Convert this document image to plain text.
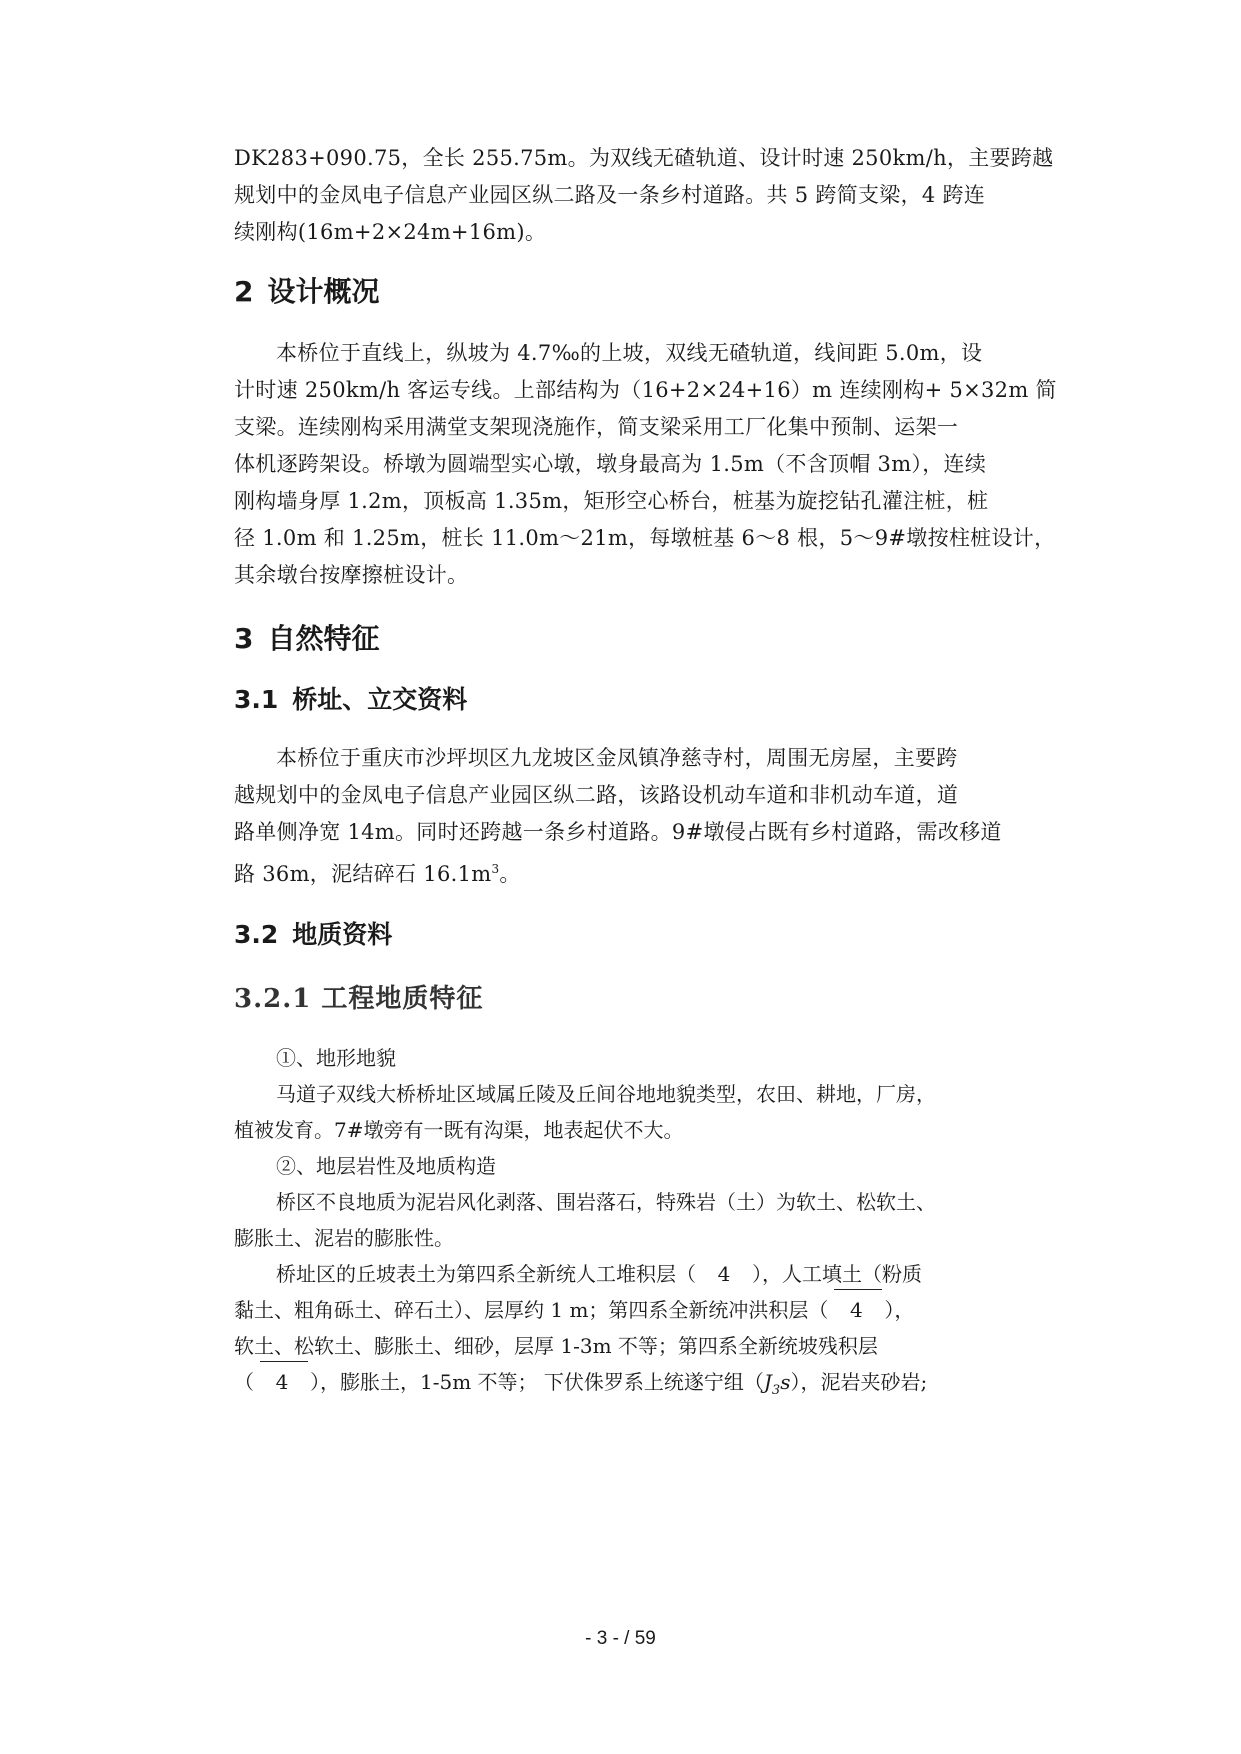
DK283+090.75，全长 255.75m。为双线无碴轨道、设计时速 250km/h，主要跨越
规划中的金凤电子信息产业园区纵二路及一条乡村道路。共 5 跨简支梁，4 跨连
续刚构(16m+2×24m+16m)。
2 设计概况
本桥位于直线上，纵坡为 4.7‰的上坡，双线无碴轨道，线间距 5.0m，设
计时速 250km/h 客运专线。上部结构为（16+2×24+16）m 连续刚构+ 5×32m 简
支梁。连续刚构采用满堂支架现浇施作，简支梁采用工厂化集中预制、运架一
体机逐跨架设。桥墩为圆端型实心墩，墩身最高为 1.5m（不含顶帽 3m），连续
刚构墙身厚 1.2m，顶板高 1.35m，矩形空心桥台，桩基为旋挖钻孔灌注桩，桩
径 1.0m 和 1.25m，桩长 11.0m～21m，每墩桩基 6～8 根，5～9#墩按柱桩设计，
其余墩台按摩擦桩设计。
3 自然特征
3.1 桥址、立交资料
本桥位于重庆市沙坪坝区九龙坡区金凤镇净慈寺村，周围无房屋，主要跨
越规划中的金凤电子信息产业园区纵二路，该路设机动车道和非机动车道，道
路单侧净宽 14m。同时还跨越一条乡村道路。9#墩侵占既有乡村道路，需改移道
路 36m，泥结碎石 $16.1m^3$。
3.2 地质资料
3.2.1 工程地质特征
①、地形地貌
马道子双线大桥桥址区域属丘陵及丘间谷地地貌类型，农田、耕地，厂房，
植被发育。7#墩旁有一既有沟渠，地表起伏不大。
②、地层岩性及地质构造
桥区不良地质为泥岩风化剥落、围岩落石，特殊岩（土）为软土、松软土、
膨胀土、泥岩的膨胀性。
桥址区的丘坡表土为第四系全新统人工堆积层（ 4 ），人工填土（粉质
黏土、粗角砾土、碎石土）、层厚约 1 m；第四系全新统冲洪积层（ 4 ），
软土、松软土、膨胀土、细砂，层厚 1-3m 不等；第四系全新统坡残积层
（ 4 ），膨胀土，1-5m 不等； 下伏侏罗系上统遂宁组$(J_3s)$，泥岩夹砂岩;
- 3 - / 59
